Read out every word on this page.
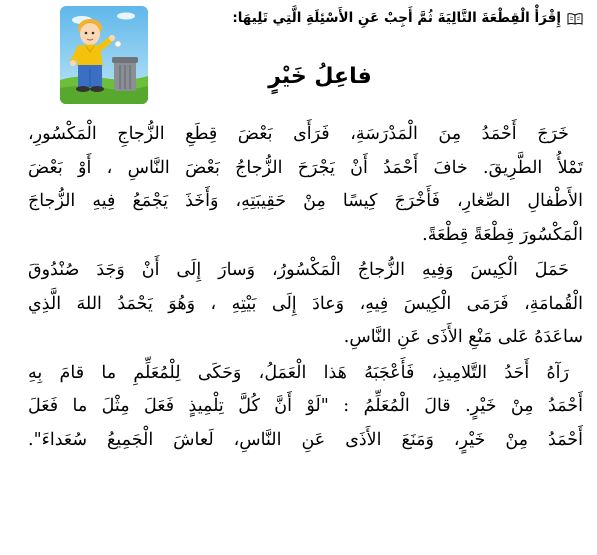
إِقْرَأْ الْقِطْعَةَ التَّالِيَةَ ثُمَّ أَجِبْ عَنِ الأَسْئِلَةِ الَّتِي تَلِيهَا:
فاعِلُ خَيْرٍ
خَرَجَ أَحْمَدُ مِنَ الْمَدْرَسَةِ، فَرَأَى بَعْضَ قِطَعِ الزُّجاجِ الْمَكْسُورِ،
تَمْلأُ الطَّرِيقَ. خافَ أَحْمَدُ أَنْ يَجْرَحَ الزُّجاجُ بَعْضَ النَّاسِ ، أَوْ بَعْضَ
الأَطْفالِ الصِّغارِ، فَأَخْرَجَ كِيسًا مِنْ حَقِيبَتِهِ، وَأَخَذَ يَجْمَعُ فِيهِ الزُّجاجَ
الْمَكْسُورَ قِطْعَةً قِطْعَةً.
حَمَلَ الْكِيسَ وَفِيهِ الزُّجاجُ الْمَكْسُورُ، وَسارَ إِلَى أَنْ وَجَدَ صُنْدُوقَ
الْقُمامَةِ، فَرَمَى الْكِيسَ فِيهِ، وَعادَ إِلَى بَيْتِهِ ، وَهُوَ يَحْمَدُ اللهَ الَّذِي
ساعَدَهُ عَلى مَنْعِ الأَذَى عَنِ النَّاسِ.
رَآهُ أَحَدُ التَّلامِيذِ، فَأَعْجَبَهُ هَذا الْعَمَلُ، وَحَكَى لِلْمُعَلِّمِ ما قامَ بِهِ
أَحْمَدُ مِنْ خَيْرٍ. قالَ الْمُعَلِّمُ : "لَوْ أَنَّ كُلَّ تِلْمِيذٍ فَعَلَ مِثْلَ ما فَعَلَ
أَحْمَدُ مِنْ خَيْرٍ، وَمَنَعَ الأَذَى عَنِ النَّاسِ، لَعاشَ الْجَمِيعُ سُعَداءَ".
